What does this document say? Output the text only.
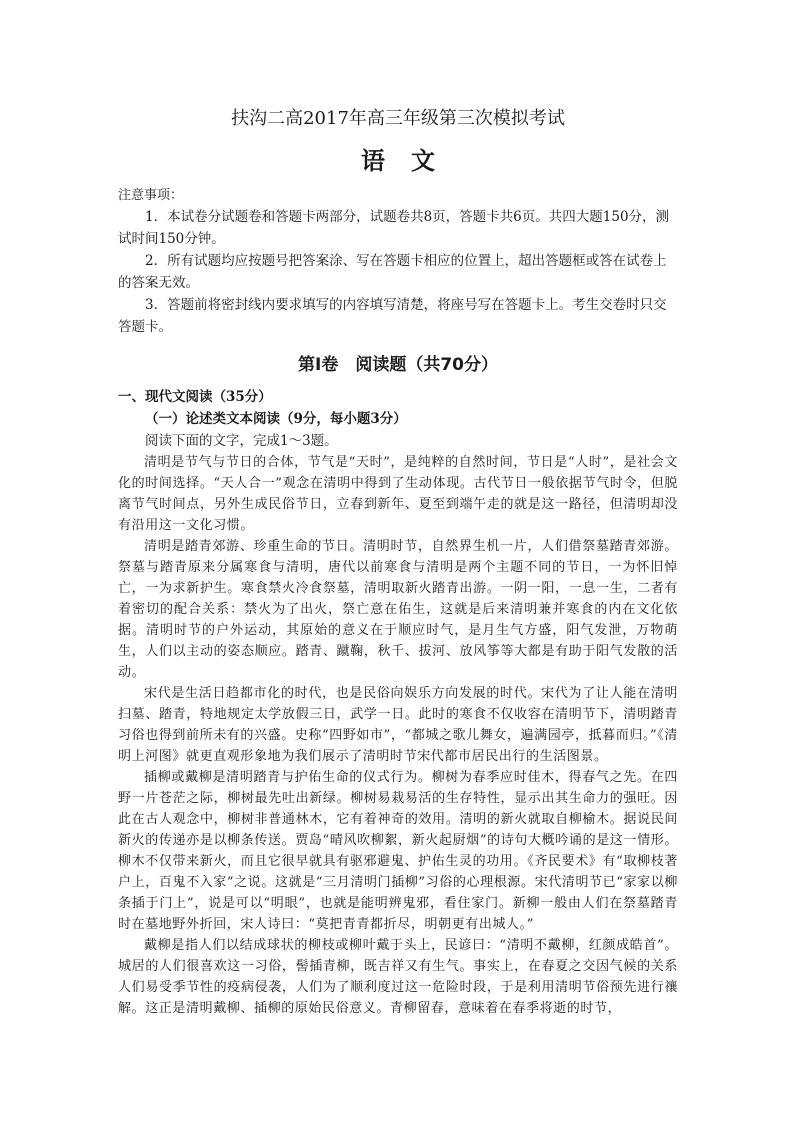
扶沟二高2017年高三年级第三次模拟考试
语文

注意事项：

1．本试卷分试题卷和答题卡两部分，试题卷共8页，答题卡共6页。共四大题150分，测试时间150分钟。

2．所有试题均应按题号把答案涂、写在答题卡相应的位置上，超出答题框或答在试卷上的答案无效。

3．答题前将密封线内要求填写的内容填写清楚，将座号写在答题卡上。考生交卷时只交答题卡。

第Ⅰ卷　阅读题（共70分）

一、现代文阅读（35分）

（一）论述类文本阅读（9分，每小题3分）

阅读下面的文字，完成1～3题。

清明是节气与节日的合体，节气是“天时”，是纯粹的自然时间，节日是“人时”，是社会文化的时间选择。“天人合一”观念在清明中得到了生动体现。古代节日一般依据节气时令，但脱离节气时间点，另外生成民俗节日，立春到新年、夏至到端午走的就是这一路径，但清明却没有沿用这一文化习惯。

清明是踏青郊游、珍重生命的节日。清明时节，自然界生机一片，人们借祭墓踏青郊游。祭墓与踏青原来分属寒食与清明，唐代以前寒食与清明是两个主题不同的节日，一为怀旧悼亡，一为求新护生。寒食禁火冷食祭墓，清明取新火踏青出游。一阴一阳，一息一生，二者有着密切的配合关系：禁火为了出火，祭亡意在佑生，这就是后来清明兼并寒食的内在文化依据。清明时节的户外运动，其原始的意义在于顺应时气，是月生气方盛，阳气发泄，万物萌生，人们以主动的姿态顺应。踏青、蹴鞠，秋千、拔河、放风筝等大都是有助于阳气发散的活动。

宋代是生活日趋都市化的时代，也是民俗向娱乐方向发展的时代。宋代为了让人能在清明扫墓、踏青，特地规定太学放假三日，武学一日。此时的寒食不仅收容在清明节下，清明踏青习俗也得到前所未有的兴盛。史称“四野如市”，“都城之歌儿舞女，遍满园亭，抵暮而归。”《清明上河图》就更直观形象地为我们展示了清明时节宋代都市居民出行的生活图景。

插柳或戴柳是清明踏青与护佑生命的仪式行为。柳树为春季应时佳木，得春气之先。在四野一片苍茫之际，柳树最先吐出新绿。柳树易栽易活的生存特性，显示出其生命力的强旺。因此在古人观念中，柳树非普通林木，它有着神奇的效用。清明的新火就取自柳榆木。据说民间新火的传递亦是以柳条传送。贾岛“晴风吹柳絮，新火起厨烟”的诗句大概吟诵的是这一情形。柳木不仅带来新火，而且它很早就具有驱邪避鬼、护佑生灵的功用。《齐民要术》有“取柳枝著户上，百鬼不入家”之说。这就是“三月清明门插柳”习俗的心理根源。宋代清明节已“家家以柳条插于门上”，说是可以“明眼”，也就是能明辨鬼邪，看住家门。新柳一般由人们在祭墓踏青时在墓地野外折回，宋人诗曰：“莫把青青都折尽，明朝更有出城人。”

戴柳是指人们以结成球状的柳枝或柳叶戴于头上，民谚曰：“清明不戴柳，红颜成皓首”。城居的人们很喜欢这一习俗，髻插青柳，既吉祥又有生气。事实上，在春夏之交因气候的关系人们易受季节性的疫病侵袭，人们为了顺利度过这一危险时段，于是利用清明节俗预先进行禳解。这正是清明戴柳、插柳的原始民俗意义。青柳留春，意味着在春季将逝的时节，
